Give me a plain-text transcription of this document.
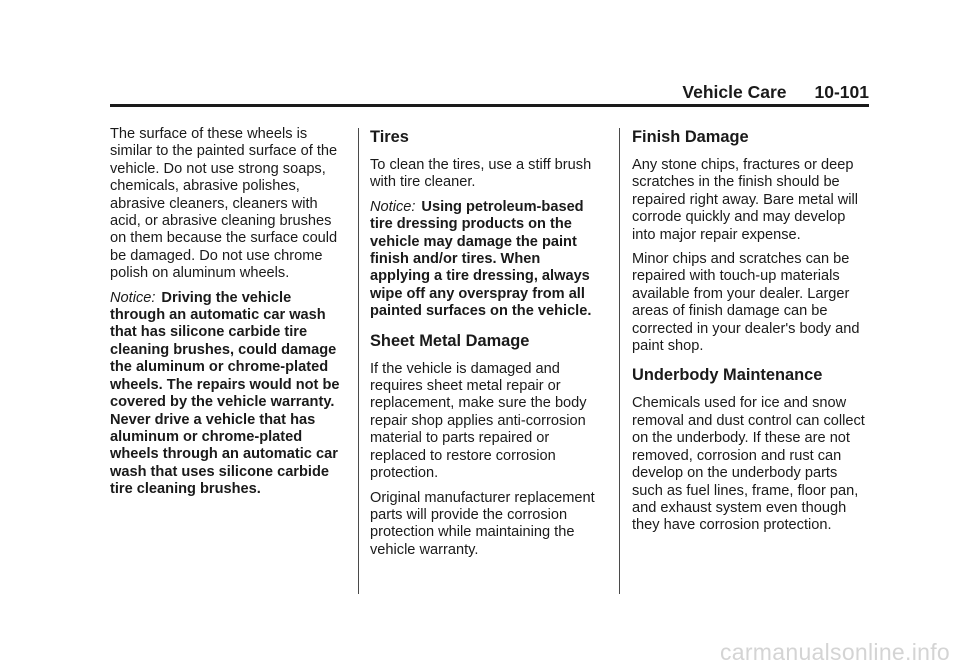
Vehicle Care 10-101

The surface of these wheels is similar to the painted surface of the vehicle. Do not use strong soaps, chemicals, abrasive polishes, abrasive cleaners, cleaners with acid, or abrasive cleaning brushes on them because the surface could be damaged. Do not use chrome polish on aluminum wheels.

Notice: Driving the vehicle through an automatic car wash that has silicone carbide tire cleaning brushes, could damage the aluminum or chrome-plated wheels. The repairs would not be covered by the vehicle warranty. Never drive a vehicle that has aluminum or chrome-plated wheels through an automatic car wash that uses silicone carbide tire cleaning brushes.

Tires

To clean the tires, use a stiff brush with tire cleaner.

Notice: Using petroleum-based tire dressing products on the vehicle may damage the paint finish and/or tires. When applying a tire dressing, always wipe off any overspray from all painted surfaces on the vehicle.

Sheet Metal Damage

If the vehicle is damaged and requires sheet metal repair or replacement, make sure the body repair shop applies anti-corrosion material to parts repaired or replaced to restore corrosion protection.

Original manufacturer replacement parts will provide the corrosion protection while maintaining the vehicle warranty.

Finish Damage

Any stone chips, fractures or deep scratches in the finish should be repaired right away. Bare metal will corrode quickly and may develop into major repair expense.

Minor chips and scratches can be repaired with touch-up materials available from your dealer. Larger areas of finish damage can be corrected in your dealer's body and paint shop.

Underbody Maintenance

Chemicals used for ice and snow removal and dust control can collect on the underbody. If these are not removed, corrosion and rust can develop on the underbody parts such as fuel lines, frame, floor pan, and exhaust system even though they have corrosion protection.

carmanualsonline.info
